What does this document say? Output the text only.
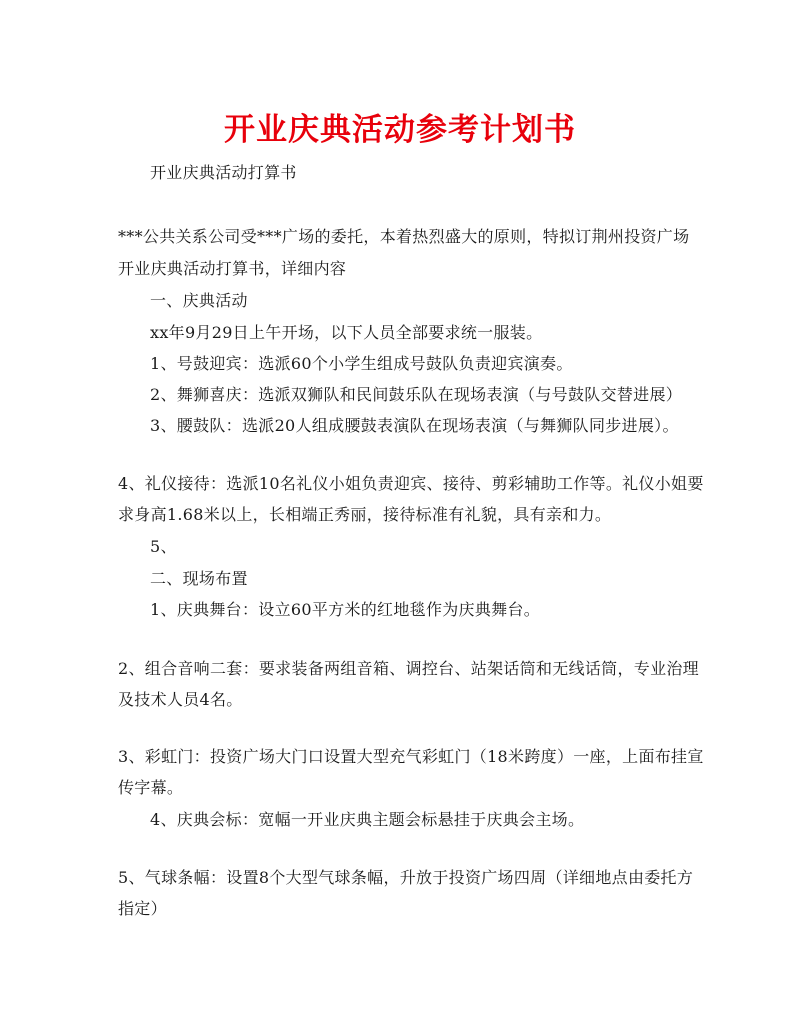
开业庆典活动参考计划书
开业庆典活动打算书
***公共关系公司受***广场的委托，本着热烈盛大的原则，特拟订荆州投资广场
开业庆典活动打算书，详细内容
一、庆典活动
xx年9月29日上午开场，以下人员全部要求统一服装。
1、号鼓迎宾：选派60个小学生组成号鼓队负责迎宾演奏。
2、舞狮喜庆：选派双狮队和民间鼓乐队在现场表演（与号鼓队交替进展）
3、腰鼓队：选派20人组成腰鼓表演队在现场表演（与舞狮队同步进展）。
4、礼仪接待：选派10名礼仪小姐负责迎宾、接待、剪彩辅助工作等。礼仪小姐要
求身高1.68米以上，长相端正秀丽，接待标准有礼貌，具有亲和力。
5、
二、现场布置
1、庆典舞台：设立60平方米的红地毯作为庆典舞台。
2、组合音响二套：要求装备两组音箱、调控台、站架话筒和无线话筒，专业治理
及技术人员4名。
3、彩虹门：投资广场大门口设置大型充气彩虹门（18米跨度）一座，上面布挂宣
传字幕。
4、庆典会标：宽幅一开业庆典主题会标悬挂于庆典会主场。
5、气球条幅：设置8个大型气球条幅，升放于投资广场四周（详细地点由委托方
指定）
